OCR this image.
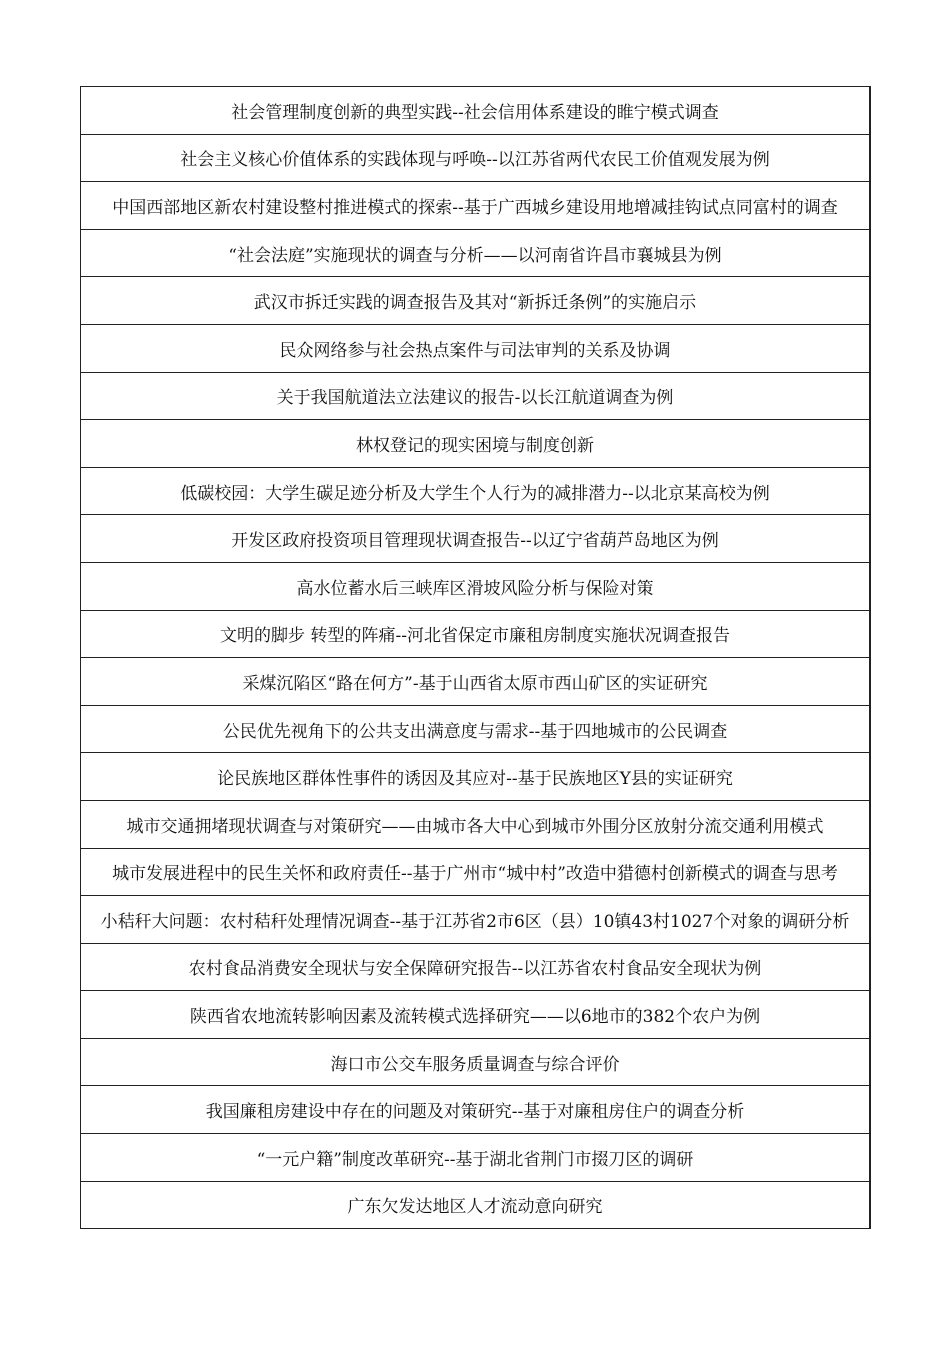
社会管理制度创新的典型实践--社会信用体系建设的睢宁模式调查
社会主义核心价值体系的实践体现与呼唤--以江苏省两代农民工价值观发展为例
中国西部地区新农村建设整村推进模式的探索--基于广西城乡建设用地增减挂钩试点同富村的调查
“社会法庭”实施现状的调查与分析——以河南省许昌市襄城县为例
武汉市拆迁实践的调查报告及其对“新拆迁条例”的实施启示
民众网络参与社会热点案件与司法审判的关系及协调
关于我国航道法立法建议的报告-以长江航道调查为例
林权登记的现实困境与制度创新
低碳校园：大学生碳足迹分析及大学生个人行为的减排潜力--以北京某高校为例
开发区政府投资项目管理现状调查报告--以辽宁省葫芦岛地区为例
高水位蓄水后三峡库区滑坡风险分析与保险对策
文明的脚步 转型的阵痛--河北省保定市廉租房制度实施状况调查报告
采煤沉陷区“路在何方”-基于山西省太原市西山矿区的实证研究
公民优先视角下的公共支出满意度与需求--基于四地城市的公民调查
论民族地区群体性事件的诱因及其应对--基于民族地区Y县的实证研究
城市交通拥堵现状调查与对策研究——由城市各大中心到城市外围分区放射分流交通利用模式
城市发展进程中的民生关怀和政府责任--基于广州市“城中村”改造中猎德村创新模式的调查与思考
小秸秆大问题：农村秸秆处理情况调查--基于江苏省2市6区（县）10镇43村1027个对象的调研分析
农村食品消费安全现状与安全保障研究报告--以江苏省农村食品安全现状为例
陕西省农地流转影响因素及流转模式选择研究——以6地市的382个农户为例
海口市公交车服务质量调查与综合评价
我国廉租房建设中存在的问题及对策研究--基于对廉租房住户的调查分析
“一元户籍”制度改革研究--基于湖北省荆门市掇刀区的调研
广东欠发达地区人才流动意向研究
